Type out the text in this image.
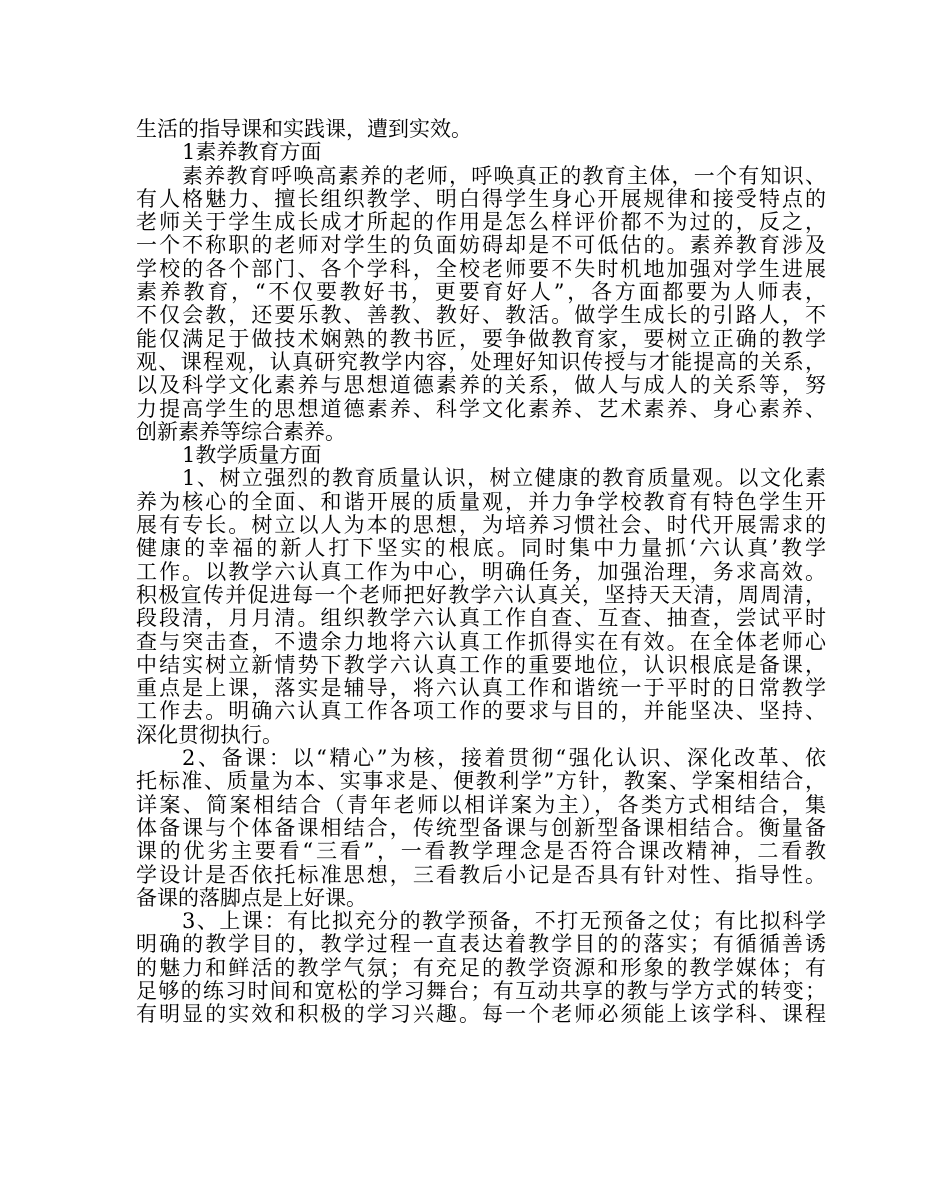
生活的指导课和实践课，遭到实效。
1素养教育方面
素养教育呼唤高素养的老师，呼唤真正的教育主体，一个有知识、
有人格魅力、擅长组织教学、明白得学生身心开展规律和接受特点的
老师关于学生成长成才所起的作用是怎么样评价都不为过的，反之，
一个不称职的老师对学生的负面妨碍却是不可低估的。素养教育涉及
学校的各个部门、各个学科，全校老师要不失时机地加强对学生进展
素养教育，“不仅要教好书，更要育好人”，各方面都要为人师表，
不仅会教，还要乐教、善教、教好、教活。做学生成长的引路人，不
能仅满足于做技术娴熟的教书匠，要争做教育家，要树立正确的教学
观、课程观，认真研究教学内容，处理好知识传授与才能提高的关系，
以及科学文化素养与思想道德素养的关系，做人与成人的关系等，努
力提高学生的思想道德素养、科学文化素养、艺术素养、身心素养、
创新素养等综合素养。
1教学质量方面
1、树立强烈的教育质量认识，树立健康的教育质量观。以文化素
养为核心的全面、和谐开展的质量观，并力争学校教育有特色学生开
展有专长。树立以人为本的思想，为培养习惯社会、时代开展需求的
健康的幸福的新人打下坚实的根底。同时集中力量抓‘六认真’教学
工作。以教学六认真工作为中心，明确任务，加强治理，务求高效。
积极宣传并促进每一个老师把好教学六认真关，坚持天天清，周周清，
段段清，月月清。组织教学六认真工作自查、互查、抽查，尝试平时
查与突击查，不遗余力地将六认真工作抓得实在有效。在全体老师心
中结实树立新情势下教学六认真工作的重要地位，认识根底是备课，
重点是上课，落实是辅导，将六认真工作和谐统一于平时的日常教学
工作去。明确六认真工作各项工作的要求与目的，并能坚决、坚持、
深化贯彻执行。
2、备课：以“精心”为核，接着贯彻“强化认识、深化改革、依
托标准、质量为本、实事求是、便教利学”方针，教案、学案相结合，
详案、简案相结合（青年老师以相详案为主），各类方式相结合，集
体备课与个体备课相结合，传统型备课与创新型备课相结合。衡量备
课的优劣主要看“三看”，一看教学理念是否符合课改精神，二看教
学设计是否依托标准思想，三看教后小记是否具有针对性、指导性。
备课的落脚点是上好课。
3、上课：有比拟充分的教学预备，不打无预备之仗；有比拟科学
明确的教学目的，教学过程一直表达着教学目的的落实；有循循善诱
的魅力和鲜活的教学气氛；有充足的教学资源和形象的教学媒体；有
足够的练习时间和宽松的学习舞台；有互动共享的教与学方式的转变；
有明显的实效和积极的学习兴趣。每一个老师必须能上该学科、课程
